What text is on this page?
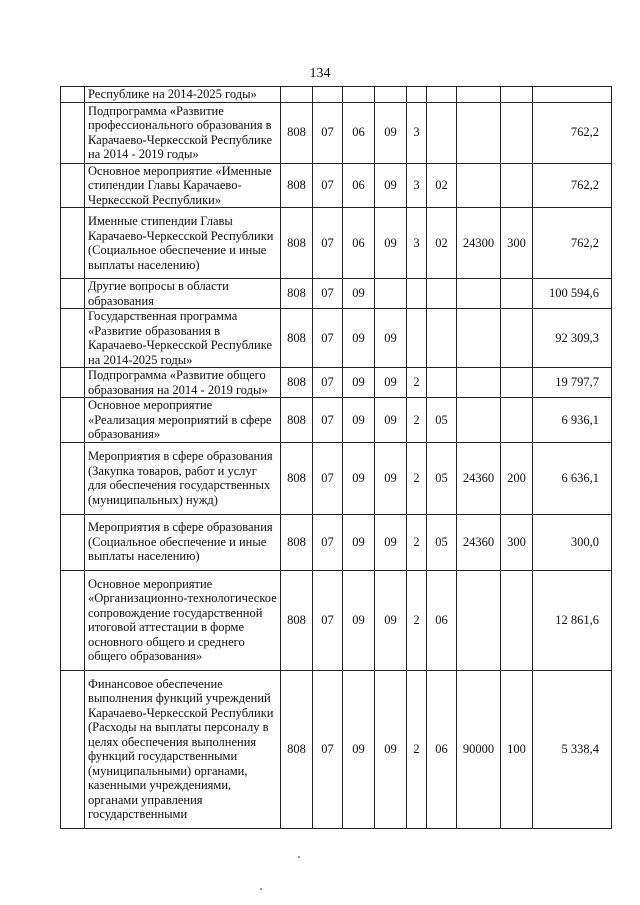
134
	Республике на 2014-2025 годы»									
	Подпрограмма «Развитие профессионального образования в Карачаево-Черкесской Республике на 2014 - 2019 годы»	808	07	06	09	3				762,2
	Основное мероприятие «Именные стипендии Главы Карачаево-Черкесской Республики»	808	07	06	09	3	02			762,2
	Именные стипендии Главы Карачаево-Черкесской Республики (Социальное обеспечение и иные выплаты населению)	808	07	06	09	3	02	24300	300	762,2
	Другие вопросы в области образования	808	07	09						100 594,6
	Государственная программа «Развитие образования в Карачаево-Черкесской Республике на 2014-2025 годы»	808	07	09	09					92 309,3
	Подпрограмма «Развитие общего образования на 2014 - 2019 годы»	808	07	09	09	2				19 797,7
	Основное мероприятие «Реализация мероприятий в сфере образования»	808	07	09	09	2	05			6 936,1
	Мероприятия в сфере образования (Закупка товаров, работ и услуг для обеспечения государственных (муниципальных) нужд)	808	07	09	09	2	05	24360	200	6 636,1
	Мероприятия в сфере образования (Социальное обеспечение и иные выплаты населению)	808	07	09	09	2	05	24360	300	300,0
	Основное мероприятие «Организационно-технологическое сопровождение государственной итоговой аттестации в форме основного общего и среднего общего образования»	808	07	09	09	2	06			12 861,6
	Финансовое обеспечение выполнения функций учреждений Карачаево-Черкесской Республики (Расходы на выплаты персоналу в целях обеспечения выполнения функций государственными (муниципальными) органами, казенными учреждениями, органами управления государственными	808	07	09	09	2	06	90000	100	5 338,4
